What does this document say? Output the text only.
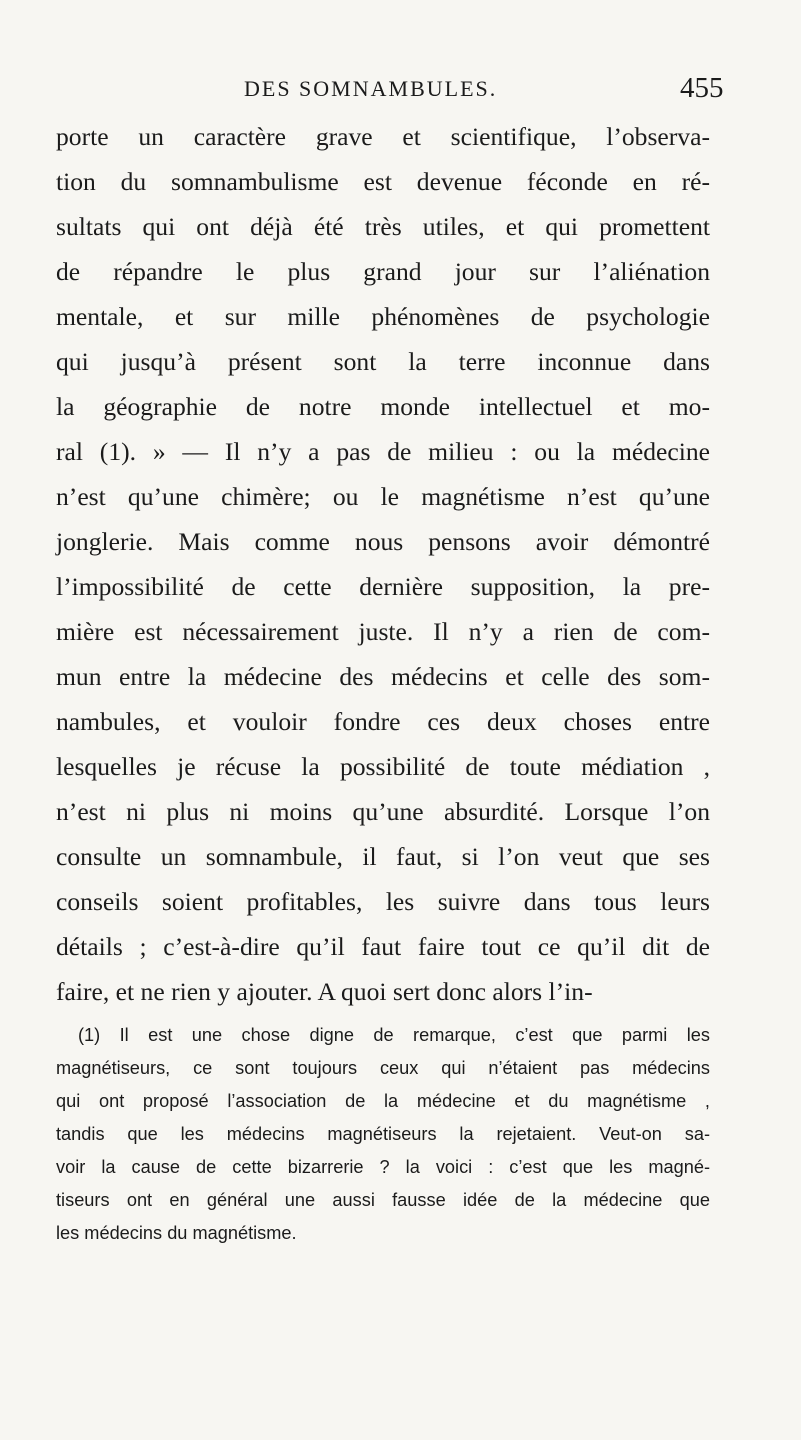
DES SOMNAMBULES.	455
porte un caractère grave et scientifique, l’observa-
tion du somnambulisme est devenue féconde en ré-
sultats qui ont déjà été très utiles, et qui promettent
de répandre le plus grand jour sur l’aliénation
mentale, et sur mille phénomènes de psychologie
qui jusqu’à présent sont la terre inconnue dans
la géographie de notre monde intellectuel et mo-
ral (1). » — Il n’y a pas de milieu : ou la médecine
n’est qu’une chimère; ou le magnétisme n’est qu’une
jonglerie. Mais comme nous pensons avoir démontré
l’impossibilité de cette dernière supposition, la pre-
mière est nécessairement juste. Il n’y a rien de com-
mun entre la médecine des médecins et celle des som-
nambules, et vouloir fondre ces deux choses entre
lesquelles je récuse la possibilité de toute médiation ,
n’est ni plus ni moins qu’une absurdité. Lorsque l’on
consulte un somnambule, il faut, si l’on veut que ses
conseils soient profitables, les suivre dans tous leurs
détails ; c’est-à-dire qu’il faut faire tout ce qu’il dit de
faire, et ne rien y ajouter. A quoi sert donc alors l’in-
(1) Il est une chose digne de remarque, c’est que parmi les
magnétiseurs, ce sont toujours ceux qui n’étaient pas médecins
qui ont proposé l’association de la médecine et du magnétisme ,
tandis que les médecins magnétiseurs la rejetaient. Veut-on sa-
voir la cause de cette bizarrerie ? la voici : c’est que les magné-
tiseurs ont en général une aussi fausse idée de la médecine que
les médecins du magnétisme.
